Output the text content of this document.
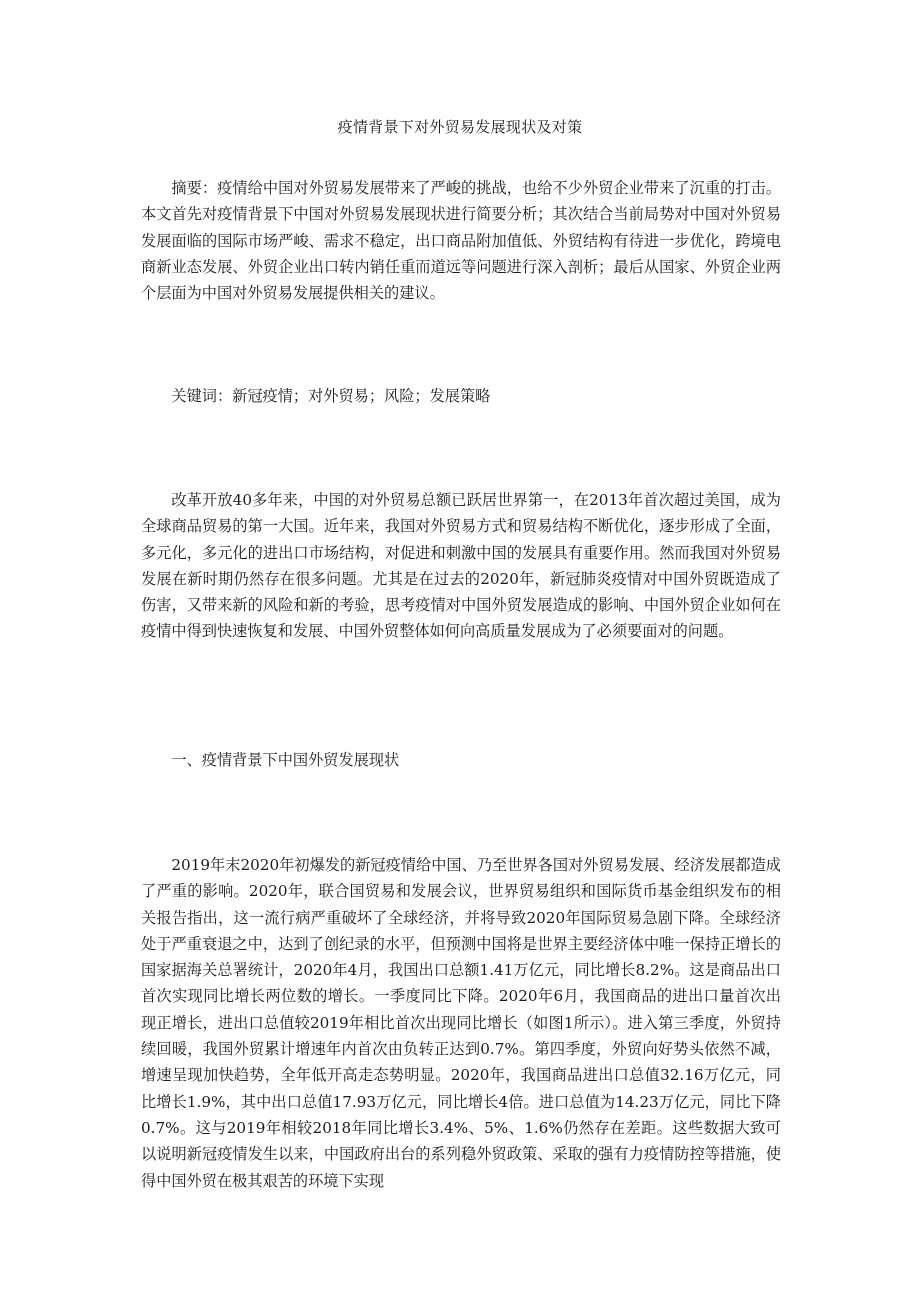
疫情背景下对外贸易发展现状及对策

摘要：疫情给中国对外贸易发展带来了严峻的挑战，也给不少外贸企业带来了沉重的打击。本文首先对疫情背景下中国对外贸易发展现状进行简要分析；其次结合当前局势对中国对外贸易发展面临的国际市场严峻、需求不稳定，出口商品附加值低、外贸结构有待进一步优化，跨境电商新业态发展、外贸企业出口转内销任重而道远等问题进行深入剖析；最后从国家、外贸企业两个层面为中国对外贸易发展提供相关的建议。

关键词：新冠疫情；对外贸易；风险；发展策略

改革开放40多年来，中国的对外贸易总额已跃居世界第一，在2013年首次超过美国，成为全球商品贸易的第一大国。近年来，我国对外贸易方式和贸易结构不断优化，逐步形成了全面，多元化，多元化的进出口市场结构，对促进和刺激中国的发展具有重要作用。然而我国对外贸易发展在新时期仍然存在很多问题。尤其是在过去的2020年，新冠肺炎疫情对中国外贸既造成了伤害，又带来新的风险和新的考验，思考疫情对中国外贸发展造成的影响、中国外贸企业如何在疫情中得到快速恢复和发展、中国外贸整体如何向高质量发展成为了必须要面对的问题。

一、疫情背景下中国外贸发展现状

2019年末2020年初爆发的新冠疫情给中国、乃至世界各国对外贸易发展、经济发展都造成了严重的影响。2020年，联合国贸易和发展会议，世界贸易组织和国际货币基金组织发布的相关报告指出，这一流行病严重破坏了全球经济，并将导致2020年国际贸易急剧下降。全球经济处于严重衰退之中，达到了创纪录的水平，但预测中国将是世界主要经济体中唯一保持正增长的国家据海关总署统计，2020年4月，我国出口总额1.41万亿元，同比增长8.2%。这是商品出口首次实现同比增长两位数的增长。一季度同比下降。2020年6月，我国商品的进出口量首次出现正增长，进出口总值较2019年相比首次出现同比增长（如图1所示）。进入第三季度，外贸持续回暖，我国外贸累计增速年内首次由负转正达到0.7%。第四季度，外贸向好势头依然不减，增速呈现加快趋势，全年低开高走态势明显。2020年，我国商品进出口总值32.16万亿元，同比增长1.9%，其中出口总值17.93万亿元，同比增长4倍。进口总值为14.23万亿元，同比下降0.7%。这与2019年相较2018年同比增长3.4%、5%、1.6%仍然存在差距。这些数据大致可以说明新冠疫情发生以来，中国政府出台的系列稳外贸政策、采取的强有力疫情防控等措施，使得中国外贸在极其艰苦的环境下实现
